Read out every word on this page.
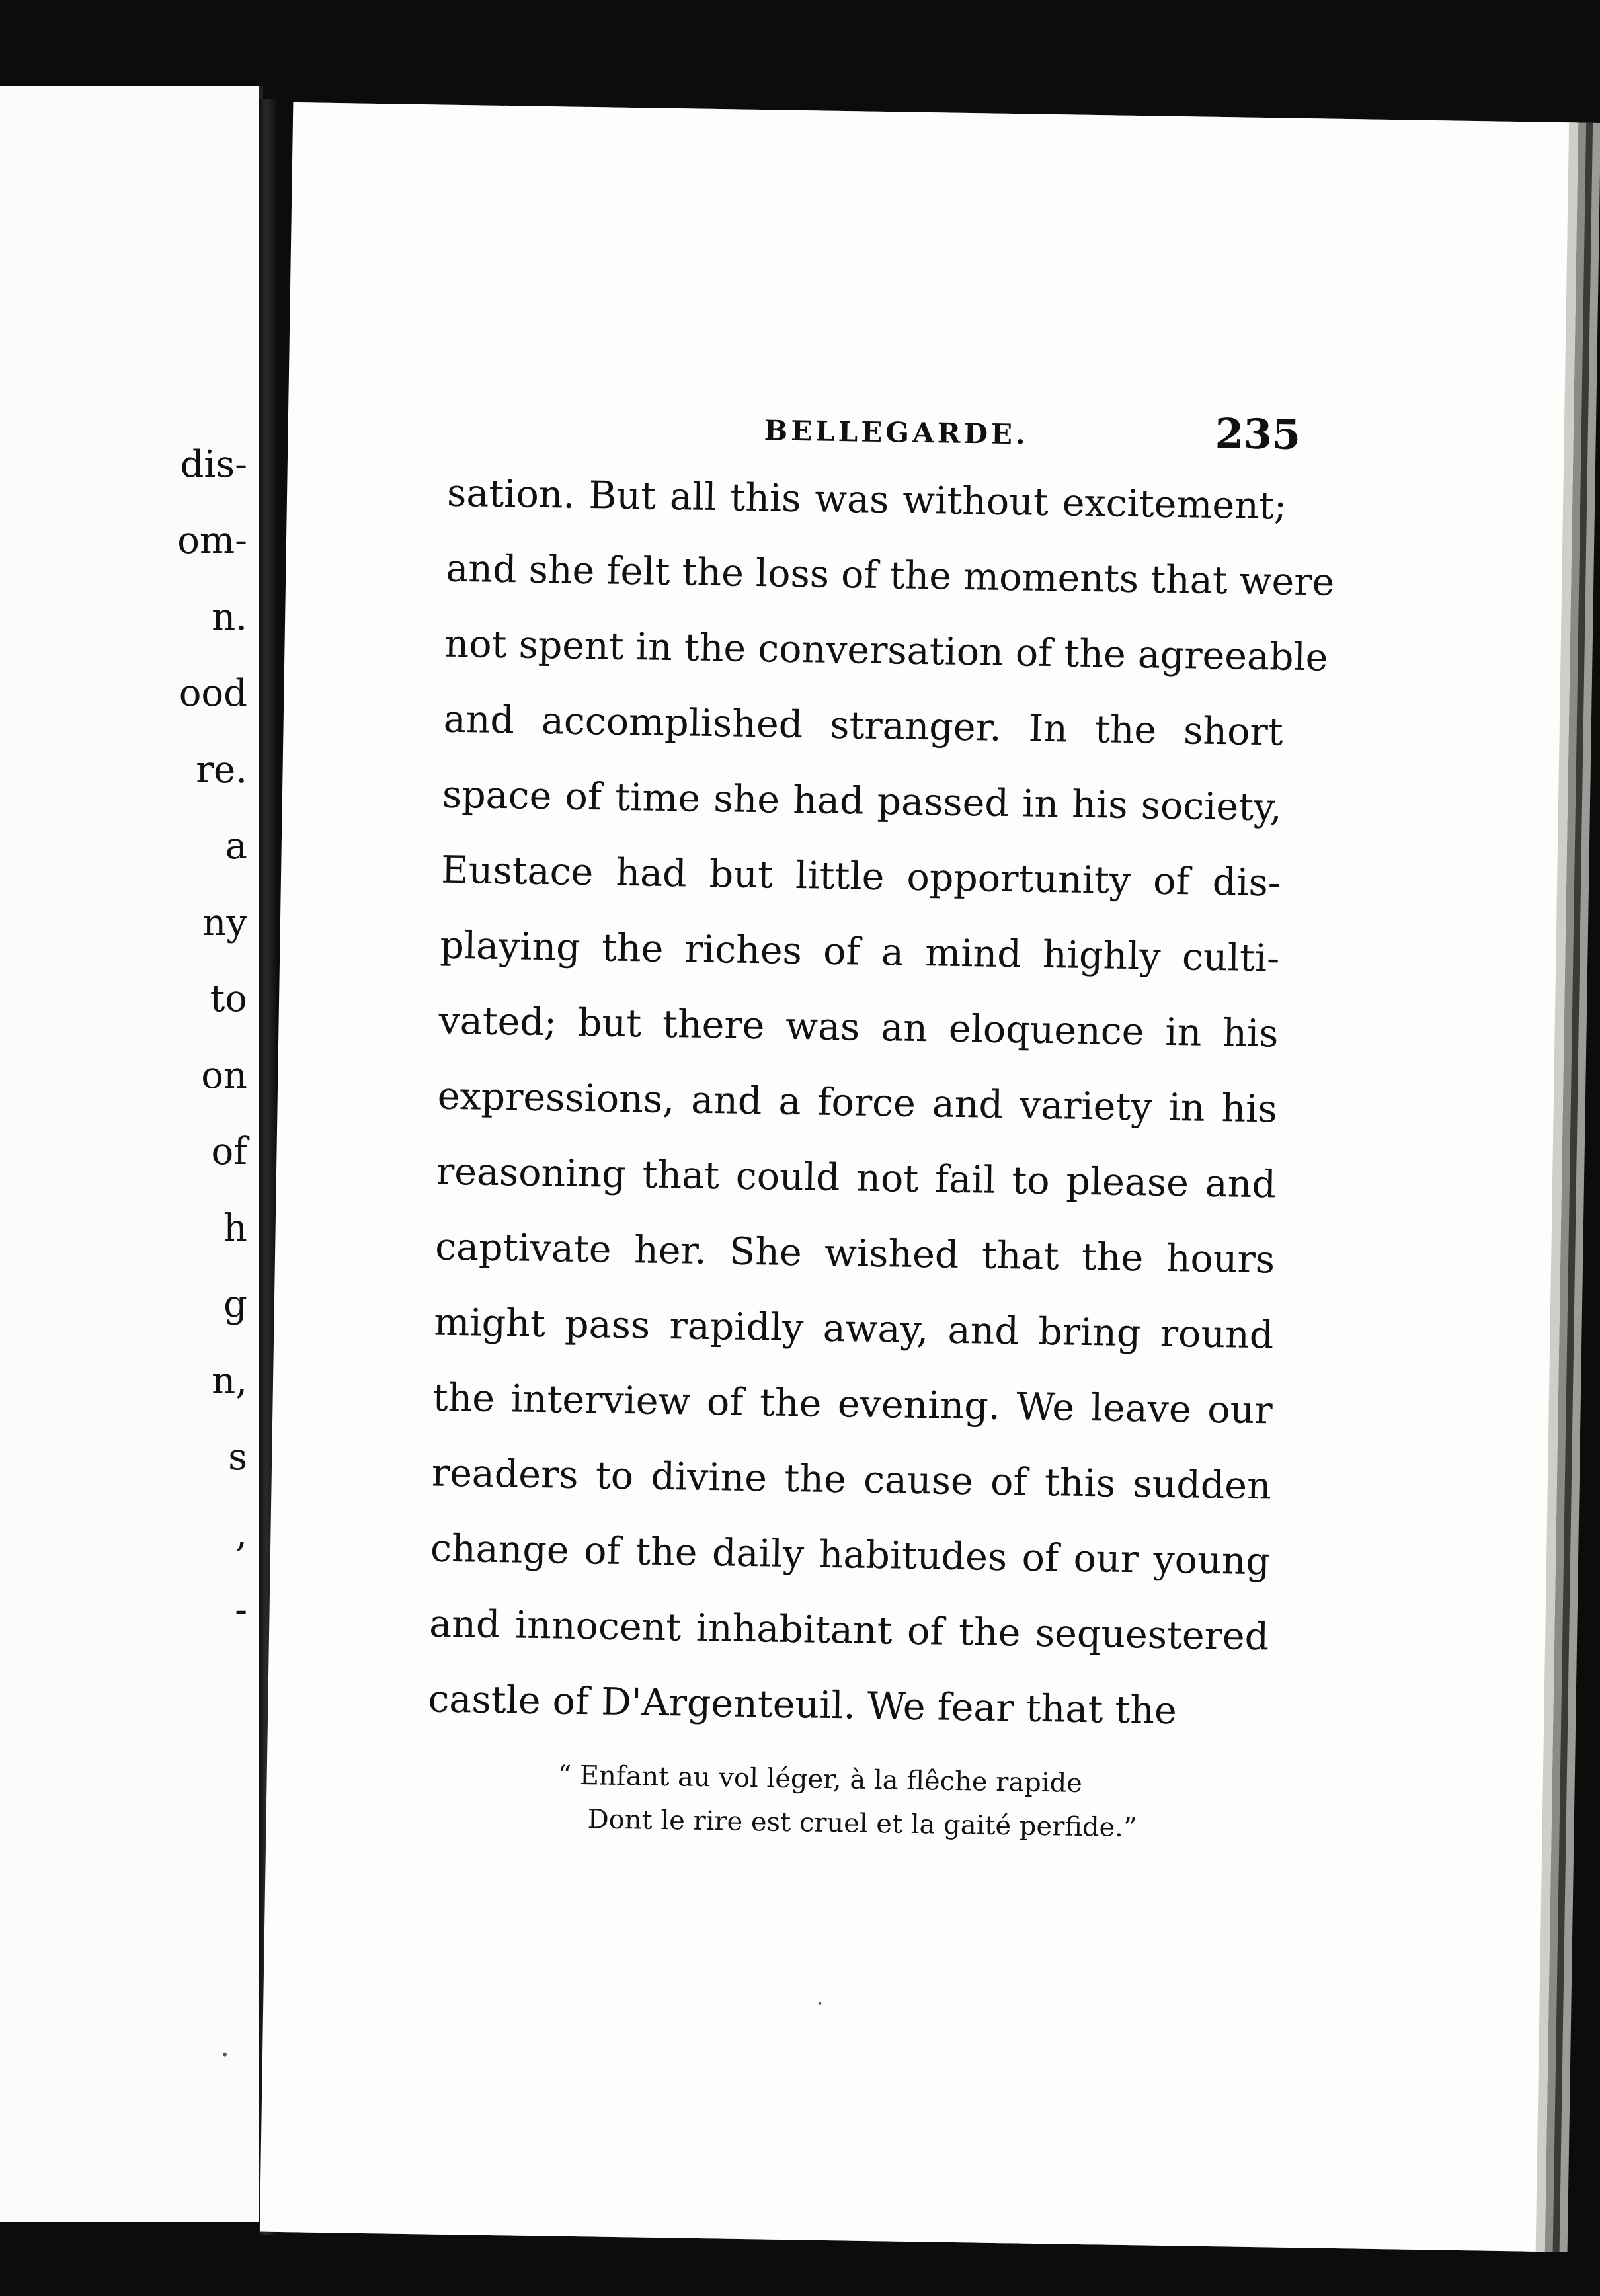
dis-
om-
n.
ood
re.
a
ny
to
on
of
h
g
n,
s
,
-
BELLEGARDE.	235
sation. But all this was without excitement;
and she felt the loss of the moments that were
not spent in the conversation of the agreeable
and accomplished stranger. In the short
space of time she had passed in his society,
Eustace had but little opportunity of dis-
playing the riches of a mind highly culti-
vated; but there was an eloquence in his
expressions, and a force and variety in his
reasoning that could not fail to please and
captivate her. She wished that the hours
might pass rapidly away, and bring round
the interview of the evening. We leave our
readers to divine the cause of this sudden
change of the daily habitudes of our young
and innocent inhabitant of the sequestered
castle of D'Argenteuil. We fear that the
“ Enfant au vol léger, à la flêche rapide
Dont le rire est cruel et la gaité perfide.”
